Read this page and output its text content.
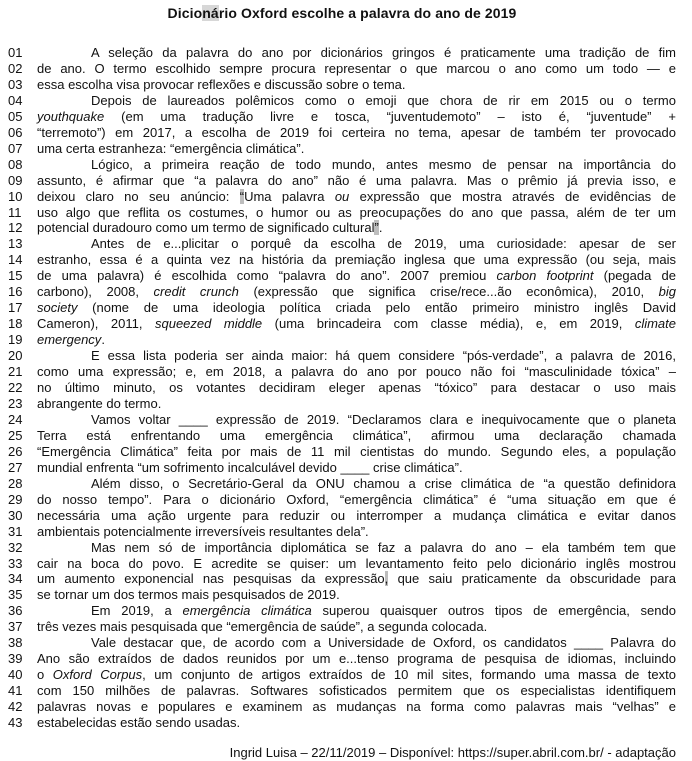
Dicionário Oxford escolhe a palavra do ano de 2019
01	A seleção da palavra do ano por dicionários gringos é praticamente uma tradição de fim
02	de ano. O termo escolhido sempre procura representar o que marcou o ano como um todo — e
03	essa escolha visa provocar reflexões e discussão sobre o tema.
04	Depois de laureados polêmicos como o emoji que chora de rir em 2015 ou o termo
05	youthquake (em uma tradução livre e tosca, “juventudemoto” – isto é, “juventude” +
06	“terremoto”) em 2017, a escolha de 2019 foi certeira no tema, apesar de também ter provocado
07	uma certa estranheza: “emergência climática”.
08	Lógico, a primeira reação de todo mundo, antes mesmo de pensar na importância do
09	assunto, é afirmar que “a palavra do ano” não é uma palavra. Mas o prêmio já previa isso, e
10	deixou claro no seu anúncio: “Uma palavra ou expressão que mostra através de evidências de
11	uso algo que reflita os costumes, o humor ou as preocupações do ano que passa, além de ter um
12	potencial duradouro como um termo de significado cultural”.
13	Antes de e...plicitar o porquê da escolha de 2019, uma curiosidade: apesar de ser
14	estranho, essa é a quinta vez na história da premiação inglesa que uma expressão (ou seja, mais
15	de uma palavra) é escolhida como “palavra do ano”. 2007 premiou carbon footprint (pegada de
16	carbono), 2008, credit crunch (expressão que significa crise/rece...ão econômica), 2010, big
17	society (nome de uma ideologia política criada pelo então primeiro ministro inglês David
18	Cameron), 2011, squeezed middle (uma brincadeira com classe média), e, em 2019, climate
19	emergency.
20	E essa lista poderia ser ainda maior: há quem considere “pós-verdade”, a palavra de 2016,
21	como uma expressão; e, em 2018, a palavra do ano por pouco não foi “masculinidade tóxica” –
22	no último minuto, os votantes decidiram eleger apenas “tóxico” para destacar o uso mais
23	abrangente do termo.
24	Vamos voltar ____ expressão de 2019. “Declaramos clara e inequivocamente que o planeta
25	Terra está enfrentando uma emergência climática”, afirmou uma declaração chamada
26	“Emergência Climática” feita por mais de 11 mil cientistas do mundo. Segundo eles, a população
27	mundial enfrenta “um sofrimento incalculável devido ____ crise climática”.
28	Além disso, o Secretário-Geral da ONU chamou a crise climática de “a questão definidora
29	do nosso tempo”. Para o dicionário Oxford, “emergência climática” é “uma situação em que é
30	necessária uma ação urgente para reduzir ou interromper a mudança climática e evitar danos
31	ambientais potencialmente irreversíveis resultantes dela”.
32	Mas nem só de importância diplomática se faz a palavra do ano – ela também tem que
33	cair na boca do povo. E acredite se quiser: um levantamento feito pelo dicionário inglês mostrou
34	um aumento exponencial nas pesquisas da expressão, que saiu praticamente da obscuridade para
35	se tornar um dos termos mais pesquisados de 2019.
36	Em 2019, a emergência climática superou quaisquer outros tipos de emergência, sendo
37	três vezes mais pesquisada que “emergência de saúde”, a segunda colocada.
38	Vale destacar que, de acordo com a Universidade de Oxford, os candidatos ____ Palavra do
39	Ano são extraídos de dados reunidos por um e...tenso programa de pesquisa de idiomas, incluindo
40	o Oxford Corpus, um conjunto de artigos extraídos de 10 mil sites, formando uma massa de texto
41	com 150 milhões de palavras. Softwares sofisticados permitem que os especialistas identifiquem
42	palavras novas e populares e examinem as mudanças na forma como palavras mais “velhas” e
43	estabelecidas estão sendo usadas.
Ingrid Luisa – 22/11/2019 – Disponível: https://super.abril.com.br/ - adaptação
